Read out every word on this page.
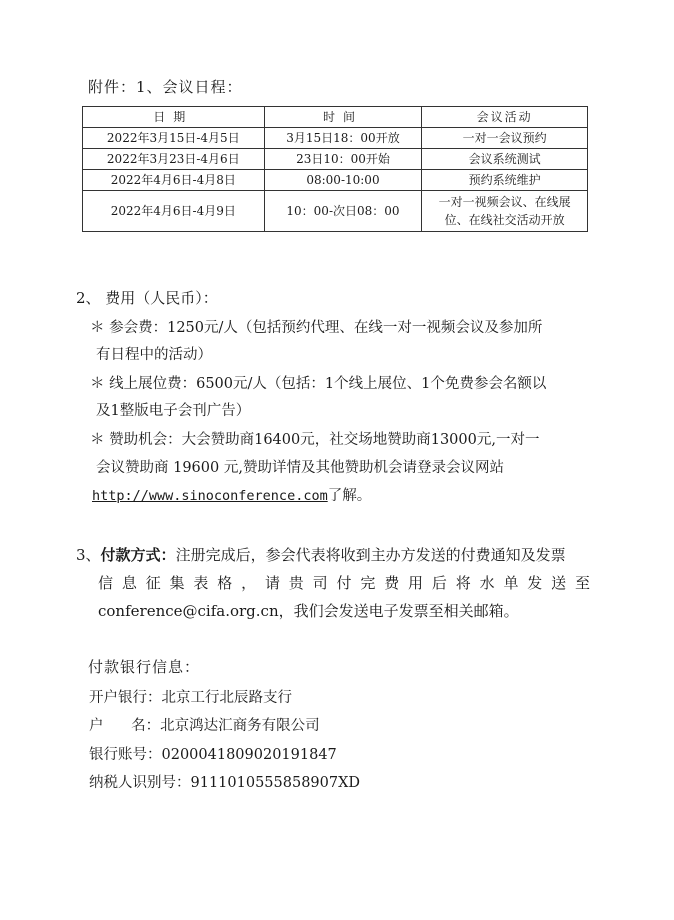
附件：1、会议日程：
日期	时间	会议活动
2022年3月15日-4月5日	3月15日18：00开放	一对一会议预约
2022年3月23日-4月6日	23日10：00开始	会议系统测试
2022年4月6日-4月8日	08:00-10:00	预约系统维护
2022年4月6日-4月9日	10：00-次日08：00	一对一视频会议、在线展
位、在线社交活动开放
2、 费用（人民币）：
＊ 参会费：1250元/人（包括预约代理、在线一对一视频会议及参加所
有日程中的活动）
＊ 线上展位费：6500元/人（包括：1个线上展位、1个免费参会名额以
及1整版电子会刊广告）
＊ 赞助机会：大会赞助商16400元，社交场地赞助商13000元,一对一
会议赞助商 19600 元,赞助详情及其他赞助机会请登录会议网站
http://www.sinoconference.com了解。
3、付款方式：注册完成后，参会代表将收到主办方发送的付费通知及发票
信息征集表格，请贵司付完费用后将水单发送至
conference@cifa.org.cn，我们会发送电子发票至相关邮箱。
付款银行信息：
开户银行：北京工行北辰路支行
户      名：北京鸿达汇商务有限公司
银行账号：0200041809020191847
纳税人识别号：9111010555858907XD
